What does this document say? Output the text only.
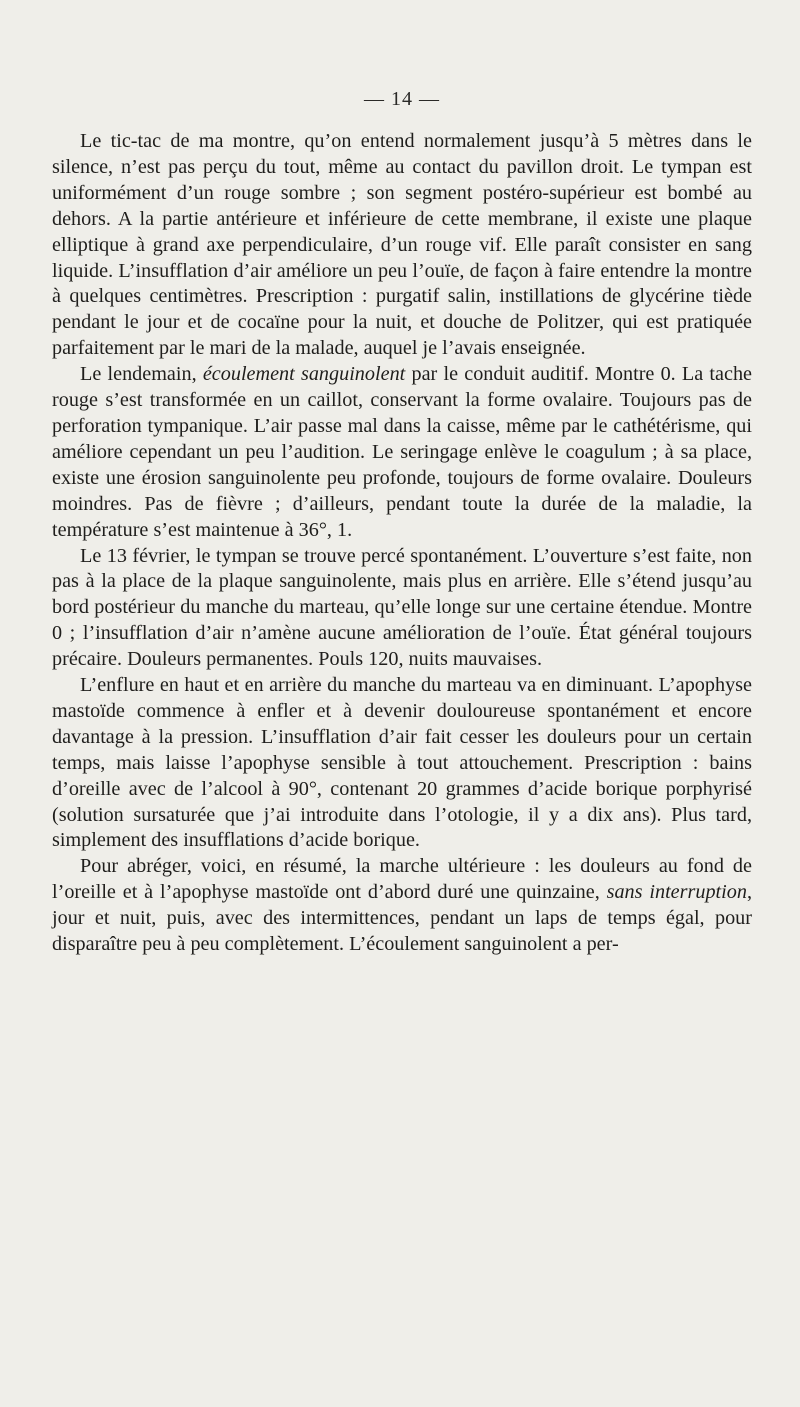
— 14 —

Le tic-tac de ma montre, qu’on entend normalement jusqu’à 5 mètres dans le silence, n’est pas perçu du tout, même au contact du pavillon droit. Le tympan est uniformément d’un rouge sombre ; son segment postéro-supérieur est bombé au dehors. A la partie antérieure et inférieure de cette membrane, il existe une plaque elliptique à grand axe perpendiculaire, d’un rouge vif. Elle paraît consister en sang liquide. L’insufflation d’air améliore un peu l’ouïe, de façon à faire entendre la montre à quelques centimètres. Prescription : purgatif salin, instillations de glycérine tiède pendant le jour et de cocaïne pour la nuit, et douche de Politzer, qui est pratiquée parfaitement par le mari de la malade, auquel je l’avais enseignée.

Le lendemain, écoulement sanguinolent par le conduit auditif. Montre 0. La tache rouge s’est transformée en un caillot, conservant la forme ovalaire. Toujours pas de perforation tympanique. L’air passe mal dans la caisse, même par le cathétérisme, qui améliore cependant un peu l’audition. Le seringage enlève le coagulum ; à sa place, existe une érosion sanguinolente peu profonde, toujours de forme ovalaire. Douleurs moindres. Pas de fièvre ; d’ailleurs, pendant toute la durée de la maladie, la température s’est maintenue à 36°, 1.

Le 13 février, le tympan se trouve percé spontanément. L’ouverture s’est faite, non pas à la place de la plaque sanguinolente, mais plus en arrière. Elle s’étend jusqu’au bord postérieur du manche du marteau, qu’elle longe sur une certaine étendue. Montre 0 ; l’insufflation d’air n’amène aucune amélioration de l’ouïe. État général toujours précaire. Douleurs permanentes. Pouls 120, nuits mauvaises.

L’enflure en haut et en arrière du manche du marteau va en diminuant. L’apophyse mastoïde commence à enfler et à devenir douloureuse spontanément et encore davantage à la pression. L’insufflation d’air fait cesser les douleurs pour un certain temps, mais laisse l’apophyse sensible à tout attouchement. Prescription : bains d’oreille avec de l’alcool à 90°, contenant 20 grammes d’acide borique porphyrisé (solution sursaturée que j’ai introduite dans l’otologie, il y a dix ans). Plus tard, simplement des insufflations d’acide borique.

Pour abréger, voici, en résumé, la marche ultérieure : les douleurs au fond de l’oreille et à l’apophyse mastoïde ont d’abord duré une quinzaine, sans interruption, jour et nuit, puis, avec des intermittences, pendant un laps de temps égal, pour disparaître peu à peu complètement. L’écoulement sanguinolent a per-
